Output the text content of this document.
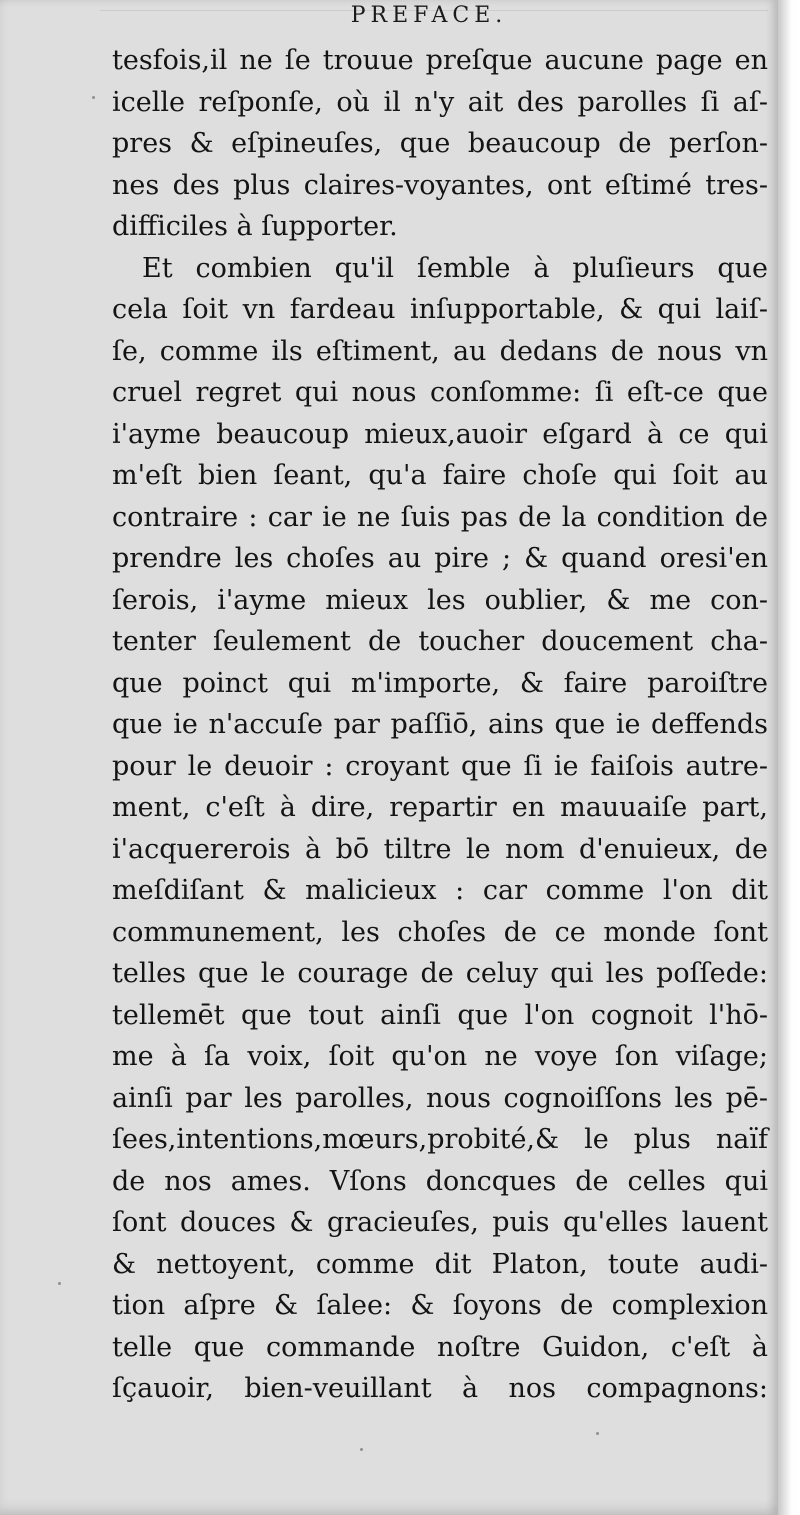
PREFACE.
tesfois,il ne ſe trouue preſque aucune page en
icelle reſponſe, où il n'y ait des parolles ſi aſ-
pres & eſpineuſes, que beaucoup de perſon-
nes des plus claires-voyantes, ont eſtimé tres-
difficiles à ſupporter.
Et combien qu'il ſemble à pluſieurs que
cela ſoit vn fardeau inſupportable, & qui laiſ-
ſe, comme ils eſtiment, au dedans de nous vn
cruel regret qui nous conſomme: ſi eſt-ce que
i'ayme beaucoup mieux,auoir eſgard à ce qui
m'eſt bien ſeant, qu'a faire choſe qui ſoit au
contraire : car ie ne ſuis pas de la condition de
prendre les choſes au pire ; & quand oresi'en
ſerois, i'ayme mieux les oublier, & me con-
tenter ſeulement de toucher doucement cha-
que poinct qui m'importe, & faire paroiſtre
que ie n'accuſe par paſſiō, ains que ie deffends
pour le deuoir : croyant que ſi ie faiſois autre-
ment, c'eſt à dire, repartir en mauuaiſe part,
i'acquererois à bō tiltre le nom d'enuieux, de
meſdiſant & malicieux : car comme l'on dit
communement, les choſes de ce monde ſont
telles que le courage de celuy qui les poſſede:
tellemēt que tout ainſi que l'on cognoit l'hō-
me à ſa voix, ſoit qu'on ne voye ſon viſage;
ainſi par les parolles, nous cognoiſſons les pē-
ſees,intentions,mœurs,probité,& le plus naïf
de nos ames. Vſons doncques de celles qui
ſont douces & gracieuſes, puis qu'elles lauent
& nettoyent, comme dit Platon, toute audi-
tion aſpre & ſalee: & ſoyons de complexion
telle que commande noſtre Guidon, c'eſt à
ſçauoir, bien-veuillant à nos compagnons:
